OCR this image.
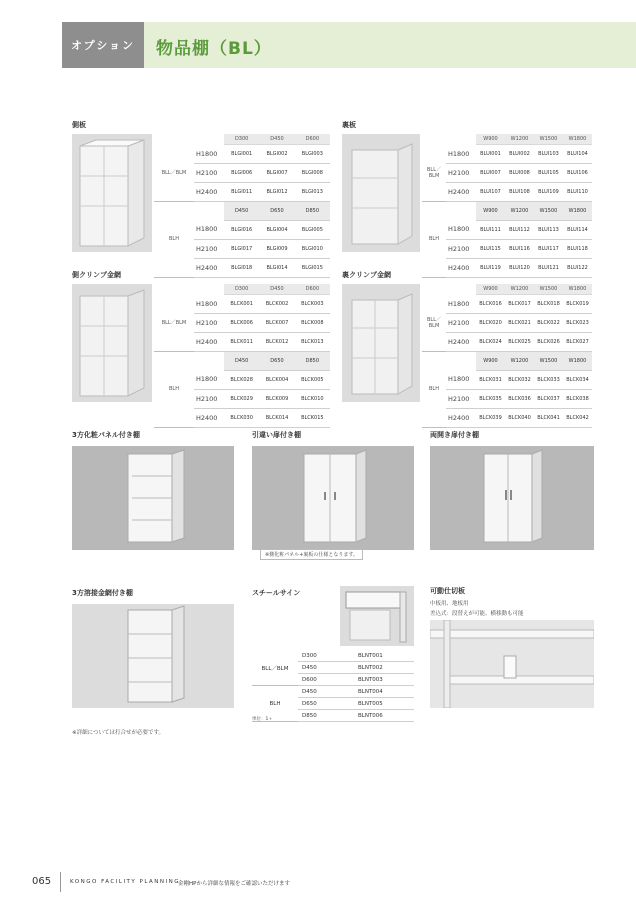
オプション	物品棚（BL）
側板
		D300	D450	D600
BLL／BLM	H1800	BLGI001	BLGI002	BLGI003
	H2100	BLGI006	BLGI007	BLGI008
	H2400	BLGI011	BLGI012	BLGI013
BLH		D450	D650	D850
	H1800	BLGI016	BLGI004	BLGI005
	H2100	BLGI017	BLGI009	BLGI010
	H2400	BLGI018	BLGI014	BLGI015
裏板
		W900	W1200	W1500	W1800
BLL／BLM	H1800	BLUI001	BLUI002	BLUI103	BLUI104
	H2100	BLUI007	BLUI008	BLUI105	BLUI106
	H2400	BLUI107	BLUI108	BLUI109	BLUI110
BLH		W900	W1200	W1500	W1800
	H1800	BLUI111	BLUI112	BLUI113	BLUI114
	H2100	BLUI115	BLUI116	BLUI117	BLUI118
	H2400	BLUI119	BLUI120	BLUI121	BLUI122
側クリンプ金網
		D300	D450	D600
BLL／BLM	H1800	BLCK001	BLCK002	BLCK003
	H2100	BLCK006	BLCK007	BLCK008
	H2400	BLCK011	BLCK012	BLCK013
BLH		D450	D650	D850
	H1800	BLCK028	BLCK004	BLCK005
	H2100	BLCK029	BLCK009	BLCK010
	H2400	BLCK030	BLCK014	BLCK015
裏クリンプ金網
		W900	W1200	W1500	W1800
BLL／BLM	H1800	BLCK016	BLCK017	BLCK018	BLCK019
	H2100	BLCK020	BLCK021	BLCK022	BLCK023
	H2400	BLCK024	BLCK025	BLCK026	BLCK027
BLH		W900	W1200	W1500	W1800
	H1800	BLCK031	BLCK032	BLCK033	BLCK034
	H2100	BLCK035	BLCK036	BLCK037	BLCK038
	H2400	BLCK039	BLCK040	BLCK041	BLCK042
3方化粧パネル付き棚	引違い扉付き棚	両開き扉付き棚
※側化粧パネル+裏板の仕様となります。
3方溶接金網付き棚	スチールサイン
BLL／BLM	D300	BLNT001
	D450	BLNT002
	D600	BLNT003
BLH	D450	BLNT004
	D650	BLNT005
	D850	BLNT006
単位：1ヶ
可動仕切板
中板用、地板用
差込式：段替えが可能、横移動も可能
※詳細については打合せが必要です。
065	KONGO FACILITY PLANNING
金剛HPから詳細な情報をご確認いただけます
